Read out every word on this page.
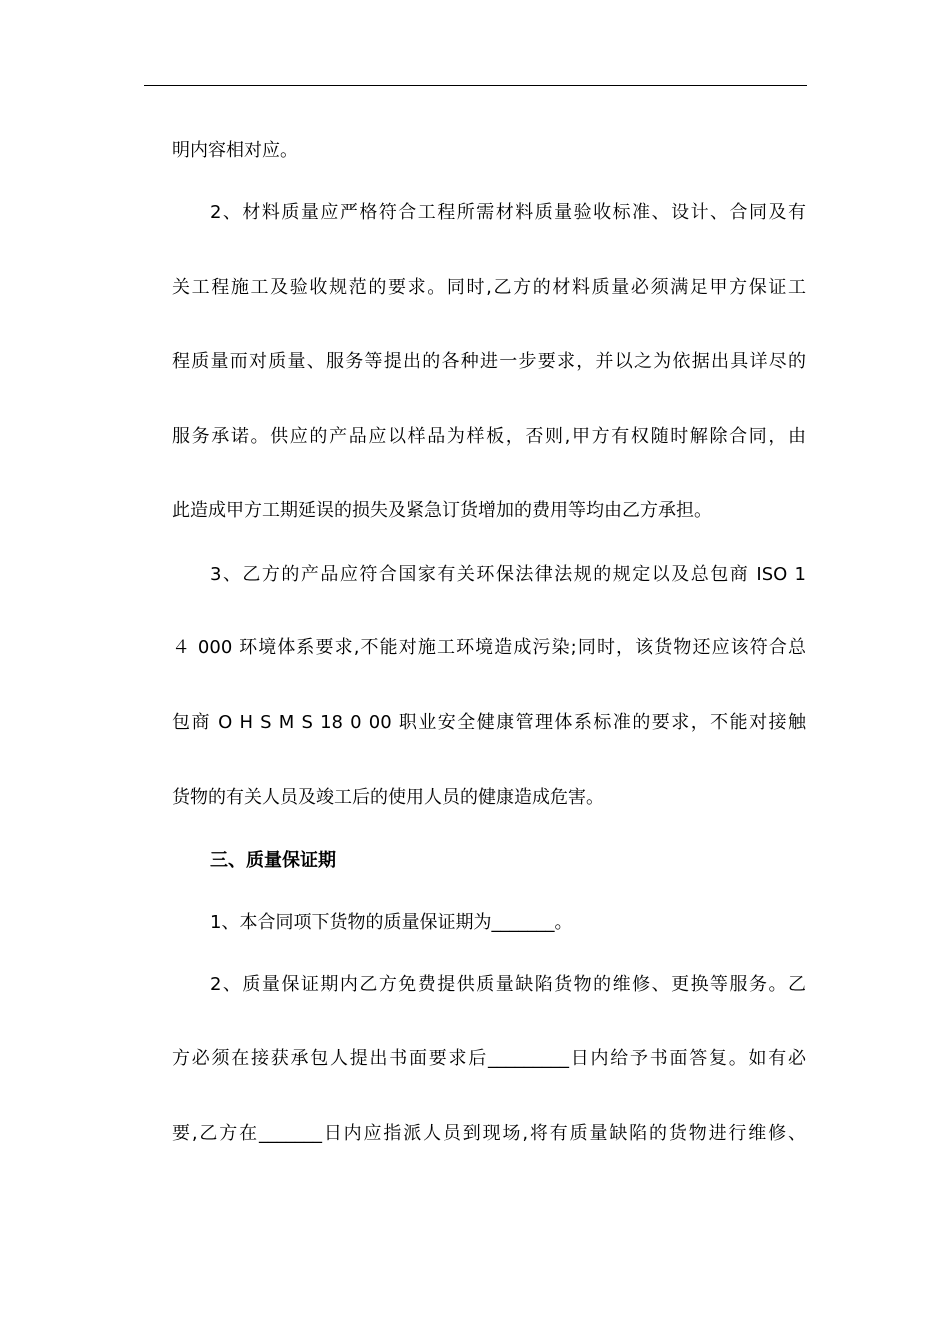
明内容相对应。
2、材料质量应严格符合工程所需材料质量验收标准、设计、合同及有
关工程施工及验收规范的要求。同时,乙方的材料质量必须满足甲方保证工
程质量而对质量、服务等提出的各种进一步要求，并以之为依据出具详尽的
服务承诺。供应的产品应以样品为样板，否则,甲方有权随时解除合同，由
此造成甲方工期延误的损失及紧急订货增加的费用等均由乙方承担。
3、乙方的产品应符合国家有关环保法律法规的规定以及总包商 ISO 1
４ 000 环境体系要求,不能对施工环境造成污染;同时，该货物还应该符合总
包商 O H S M S 18 0 00 职业安全健康管理体系标准的要求，不能对接触
货物的有关人员及竣工后的使用人员的健康造成危害。
三、质量保证期
1、本合同项下货物的质量保证期为_______。
2、质量保证期内乙方免费提供质量缺陷货物的维修、更换等服务。乙
方必须在接获承包人提出书面要求后_________日内给予书面答复。如有必
要,乙方在_______日内应指派人员到现场,将有质量缺陷的货物进行维修、
